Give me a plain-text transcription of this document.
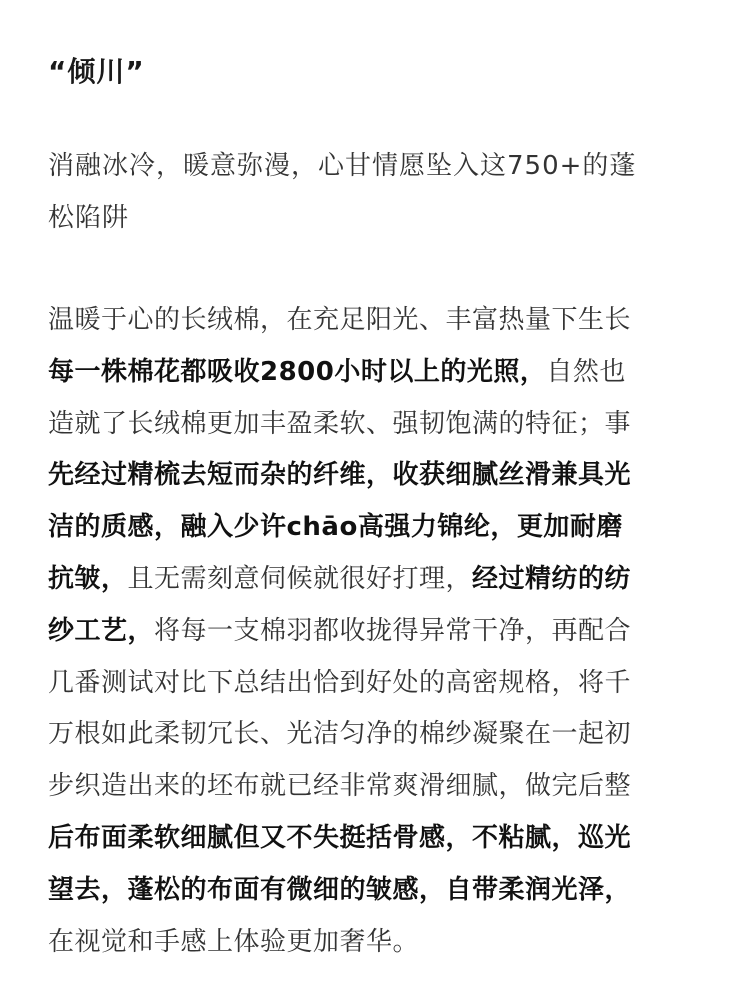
“倾川”
消融冰冷，暖意弥漫，心甘情愿坠入这750+的蓬
松陷阱
温暖于心的长绒棉，在充足阳光、丰富热量下生长
每一株棉花都吸收2800小时以上的光照，自然也
造就了长绒棉更加丰盈柔软、强韧饱满的特征；事
先经过精梳去短而杂的纤维，收获细腻丝滑兼具光
洁的质感，融入少许chāo高强力锦纶，更加耐磨
抗皱，且无需刻意伺候就很好打理，经过精纺的纺
纱工艺，将每一支棉羽都收拢得异常干净，再配合
几番测试对比下总结出恰到好处的高密规格，将千
万根如此柔韧冗长、光洁匀净的棉纱凝聚在一起初
步织造出来的坯布就已经非常爽滑细腻，做完后整
后布面柔软细腻但又不失挺括骨感，不粘腻，巡光
望去，蓬松的布面有微细的皱感，自带柔润光泽，
在视觉和手感上体验更加奢华。
